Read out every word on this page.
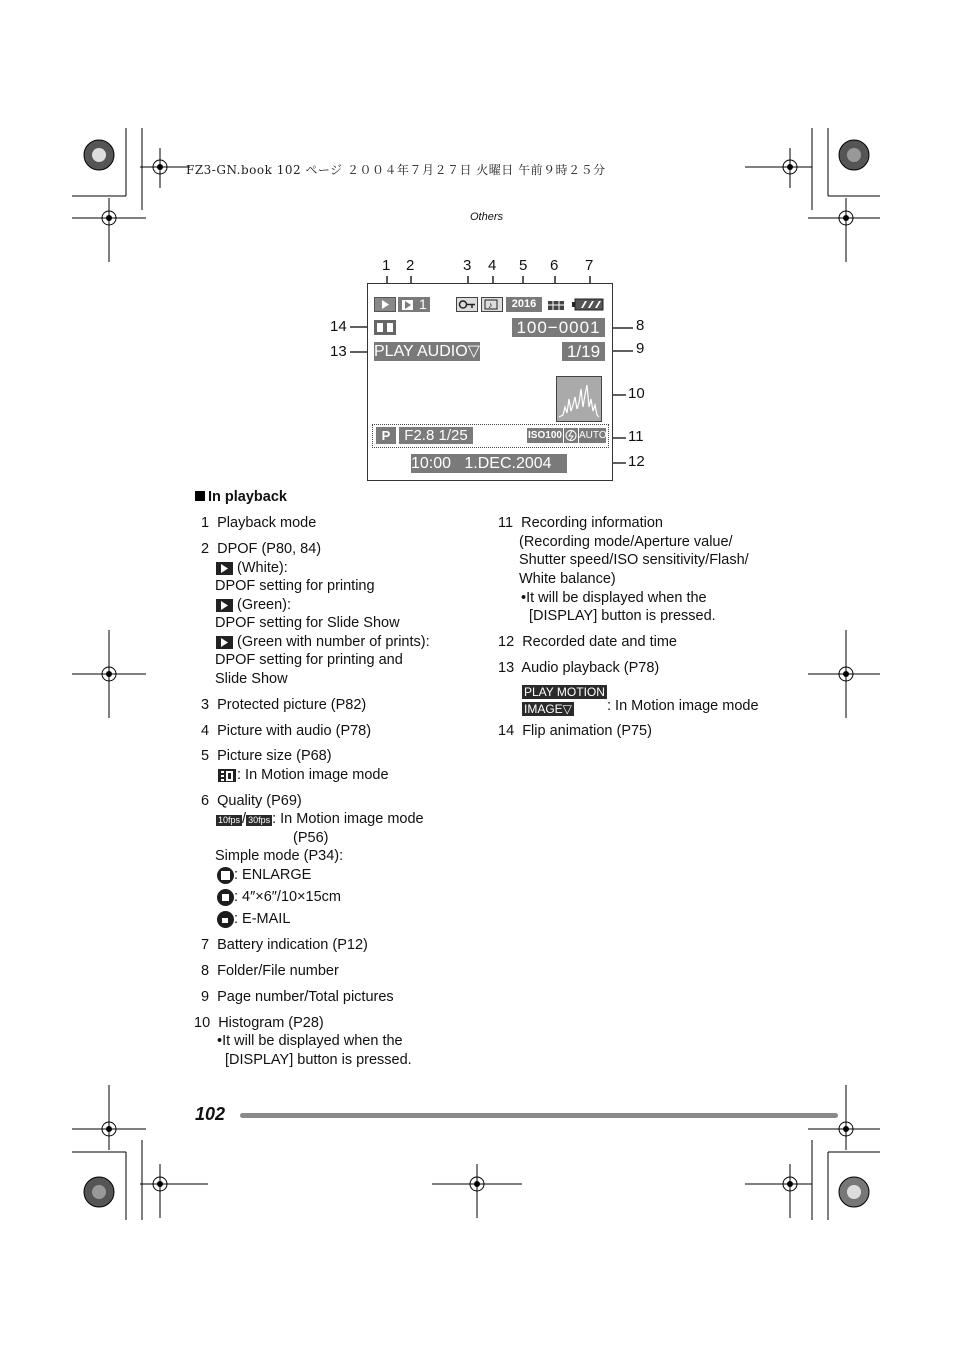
FZ3-GN.book 102 ページ ２００４年７月２７日 火曜日 午前９時２５分
Others
1 2	3 4 5 6 7
8
9
10
11
12
14
13
1	♪	2016
100−0001
PLAY AUDIO▽	1/19
P F2.8 1/25	ISO100 AUTO
10:00   1.DEC.2004
In playback
1 Playback mode
2 DPOF (P80, 84)
(White):
DPOF setting for printing
(Green):
DPOF setting for Slide Show
(Green with number of prints):
DPOF setting for printing and
Slide Show
3 Protected picture (P82)
4 Picture with audio (P78)
5 Picture size (P68)
: In Motion image mode
6 Quality (P69)
10fps / 30fps : In Motion image mode
(P56)
Simple mode (P34):
: ENLARGE
: 4″×6″/10×15cm
: E-MAIL
7 Battery indication (P12)
8 Folder/File number
9 Page number/Total pictures
10 Histogram (P28)
•It will be displayed when the
[DISPLAY] button is pressed.
11 Recording information
(Recording mode/Aperture value/
Shutter speed/ISO sensitivity/Flash/
White balance)
•It will be displayed when the
[DISPLAY] button is pressed.
12 Recorded date and time
13 Audio playback (P78)
PLAY MOTION
IMAGE▽ : In Motion image mode
14 Flip animation (P75)
102
